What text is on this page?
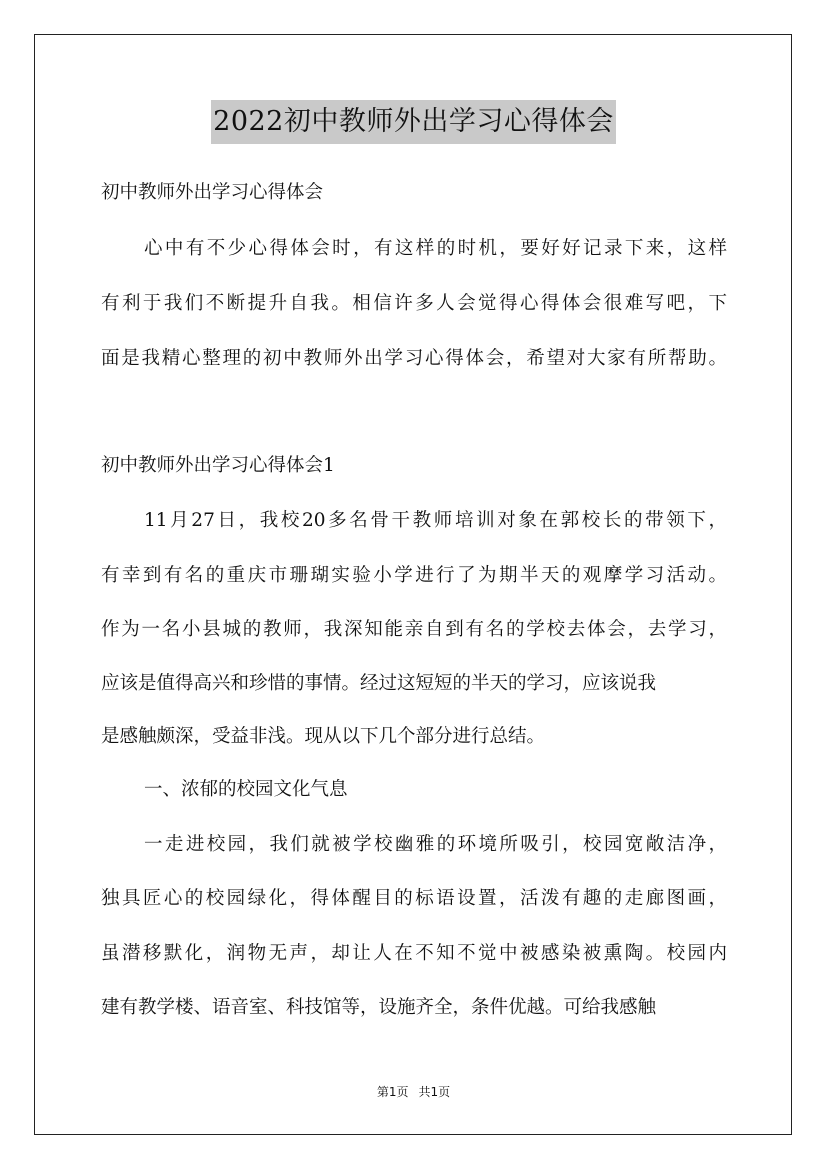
2022初中教师外出学习心得体会
初中教师外出学习心得体会
心中有不少心得体会时，有这样的时机，要好好记录下来，这样
有利于我们不断提升自我。相信许多人会觉得心得体会很难写吧，下
面是我精心整理的初中教师外出学习心得体会，希望对大家有所帮助。
初中教师外出学习心得体会1
11月27日，我校20多名骨干教师培训对象在郭校长的带领下，
有幸到有名的重庆市珊瑚实验小学进行了为期半天的观摩学习活动。
作为一名小县城的教师，我深知能亲自到有名的学校去体会，去学习，
应该是值得高兴和珍惜的事情。经过这短短的半天的学习，应该说我
是感触颇深，受益非浅。现从以下几个部分进行总结。
一、浓郁的校园文化气息
一走进校园，我们就被学校幽雅的环境所吸引，校园宽敞洁净，
独具匠心的校园绿化，得体醒目的标语设置，活泼有趣的走廊图画，
虽潜移默化，润物无声，却让人在不知不觉中被感染被熏陶。校园内
建有教学楼、语音室、科技馆等，设施齐全，条件优越。可给我感触
第1页 共1页
